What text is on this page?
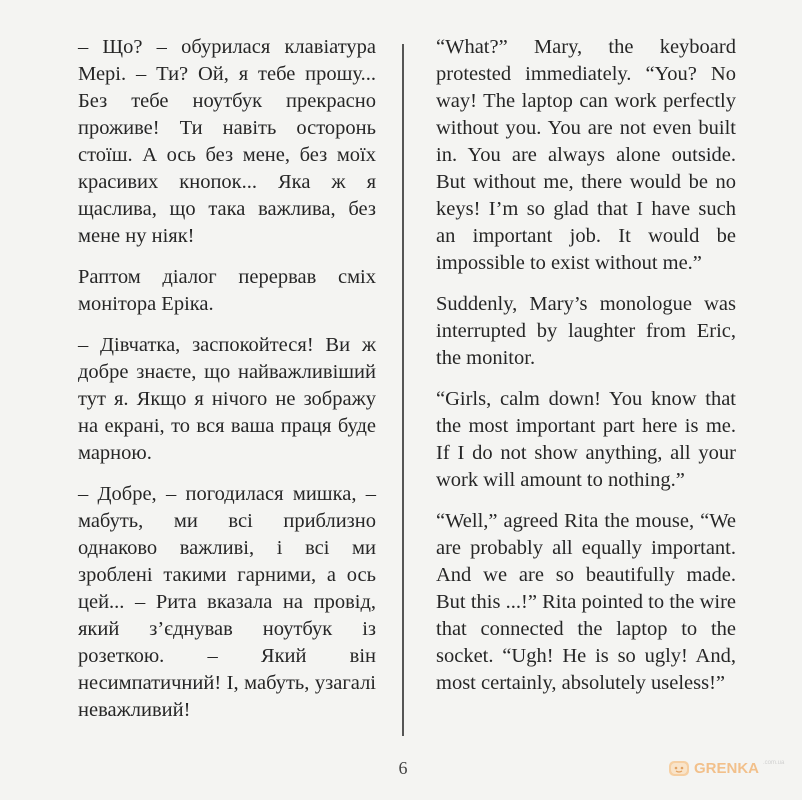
– Що? – обурилася клавіатура Мері. – Ти? Ой, я тебе прошу... Без тебе ноутбук прекрасно проживе! Ти навіть осторонь стоїш. А ось без мене, без моїх красивих кнопок... Яка ж я щаслива, що така важлива, без мене ну ніяк!

Раптом діалог перервав сміх монітора Еріка.

– Дівчатка, заспокойтеся! Ви ж добре знаєте, що найважливіший тут я. Якщо я нічого не зображу на екрані, то вся ваша праця буде марною.

– Добре, – погодилася мишка, – мабуть, ми всі приблизно однаково важливі, і всі ми зроблені такими гарними, а ось цей... – Рита вказала на провід, який з’єднував ноутбук із розеткою. – Який він несимпатичний! І, мабуть, узагалі неважливий!

“What?” Mary, the keyboard protested immediately. “You? No way! The laptop can work perfectly without you. You are not even built in. You are always alone outside. But without me, there would be no keys! I’m so glad that I have such an important job. It would be impossible to exist without me.”

Suddenly, Mary’s monologue was interrupted by laughter from Eric, the monitor.

“Girls, calm down! You know that the most important part here is me. If I do not show anything, all your work will amount to nothing.”

“Well,” agreed Rita the mouse, “We are probably all equally important. And we are so beautifully made. But this ...!” Rita pointed to the wire that connected the laptop to the socket. “Ugh! He is so ugly! And, most certainly, absolutely useless!”

6	GRENKA .com.ua
